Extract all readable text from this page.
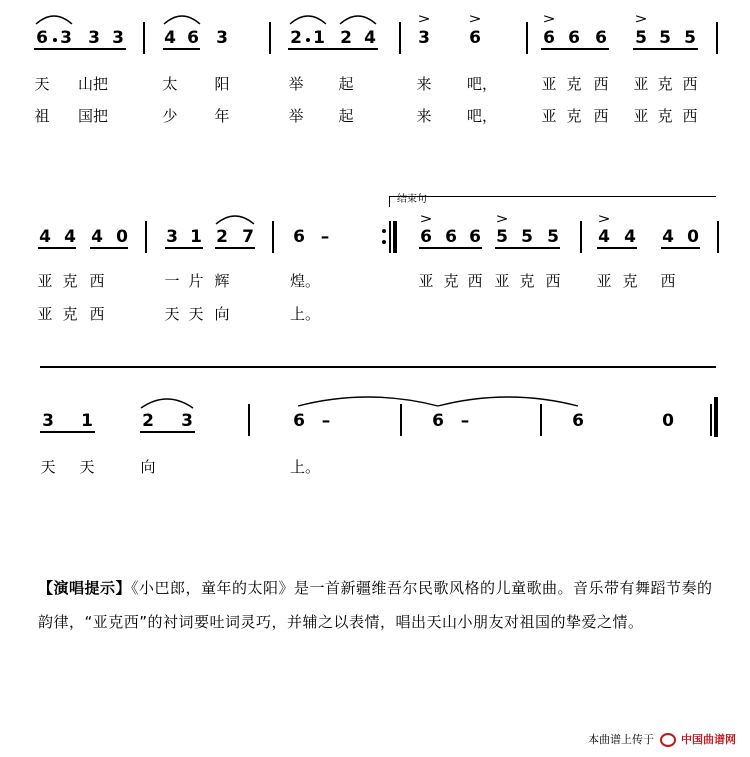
6 3 3 3 4 6 3	2 1 2 4 3 6	6 6 6 5 5 5
>	>	>	>
天 山把	太 阳	举 起	来 吧，	亚 克 西 亚 克 西
祖 国把	少 年	举 起	来 吧，	亚 克 西 亚 克 西
结束句
4 4 4 0 3 1 2 7 6 –	6 6 6 5 5 5 4 4 4 0
>	>	>
亚 克 西	一 片 辉	煌。	亚 克 西 亚 克 西 亚 克 西
亚 克 西	天 天 向	上。
3 1	2 3	6 –	6 –	6	0
天 天	向	上。
【演唱提示】《小巴郎，童年的太阳》是一首新疆维吾尔民歌风格的儿童歌曲。音乐带有舞蹈节奏的韵律，“亚克西”的衬词要吐词灵巧，并辅之以表情，唱出天山小朋友对祖国的挚爱之情。
本曲谱上传于 中国曲谱网
